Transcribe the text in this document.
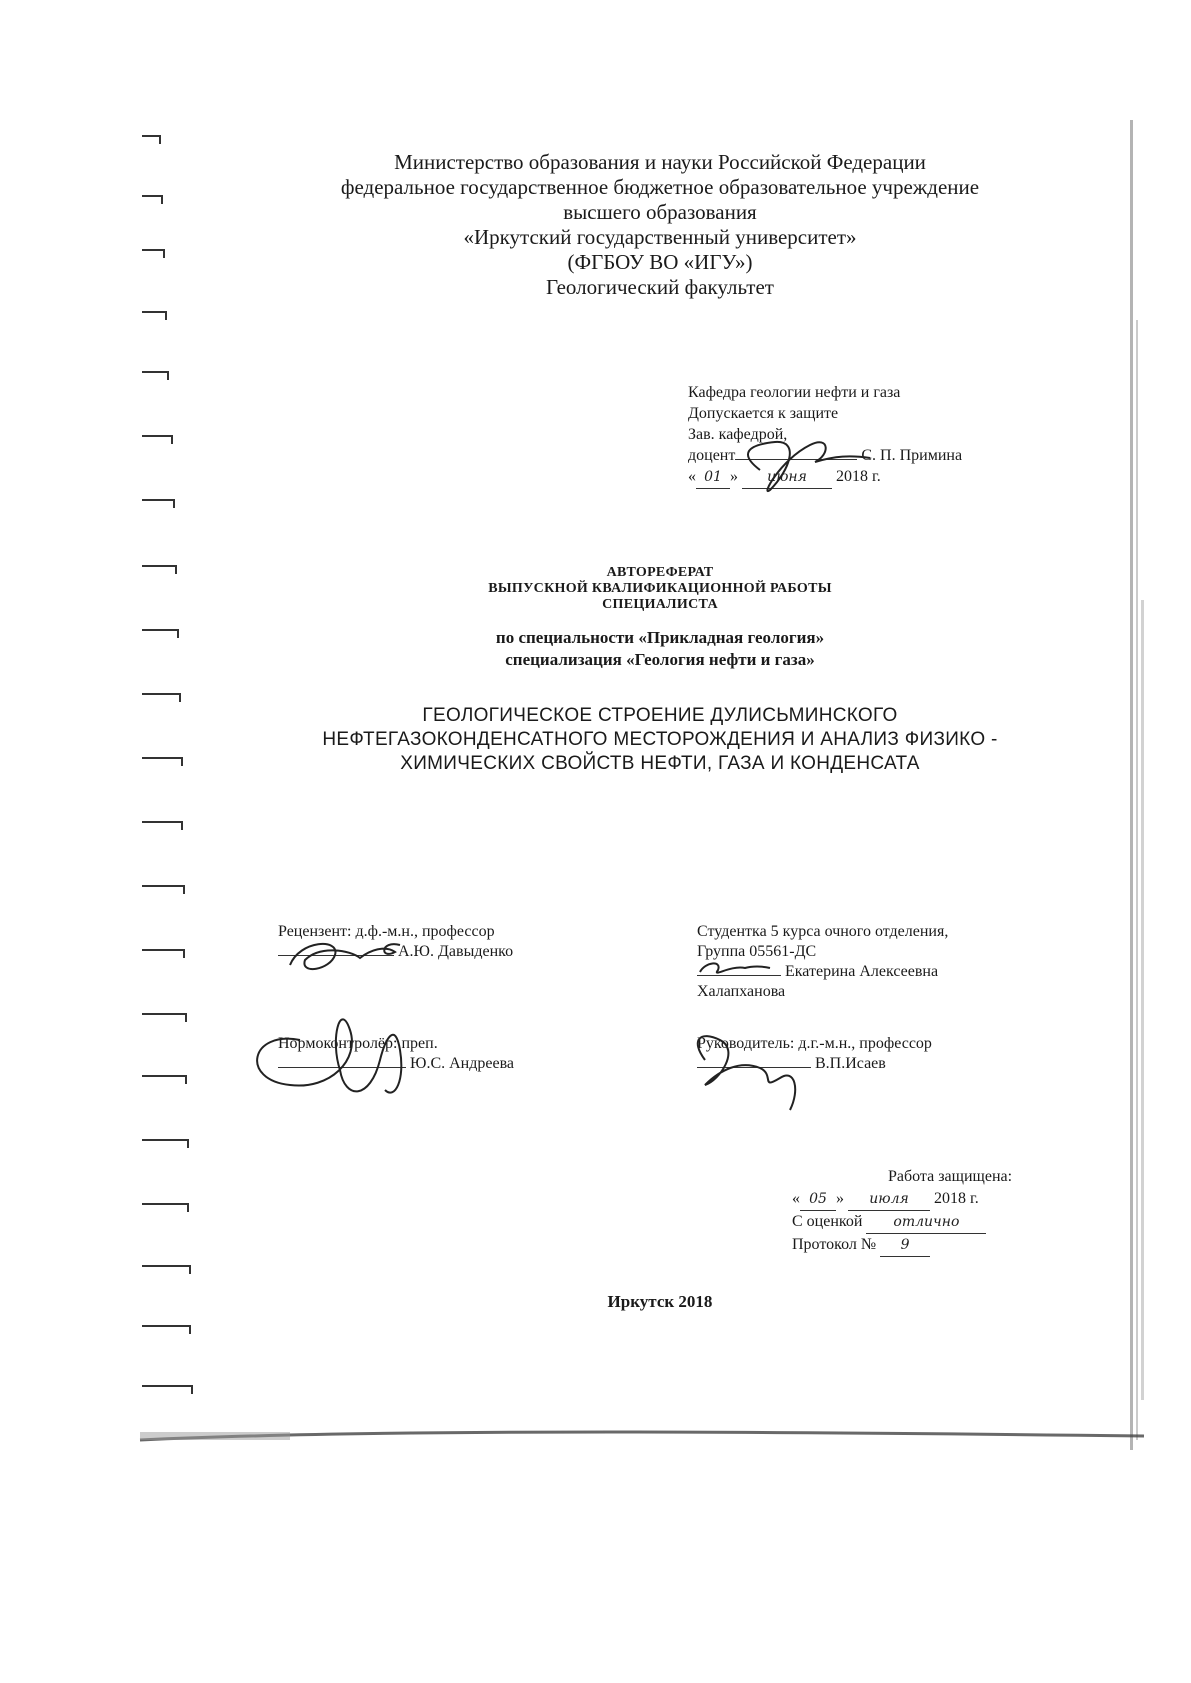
Министерство образования и науки Российской Федерации
федеральное государственное бюджетное образовательное учреждение
высшего образования
«Иркутский государственный университет»
(ФГБОУ ВО «ИГУ»)
Геологический факультет
Кафедра геологии нефти и газа
Допускается к защите
Зав. кафедрой,
доцент	С. П. Примина
« 01 » июня 2018 г.
АВТОРЕФЕРАТ
ВЫПУСКНОЙ КВАЛИФИКАЦИОННОЙ РАБОТЫ
СПЕЦИАЛИСТА
по специальности «Прикладная геология»
специализация «Геология нефти и газа»
ГЕОЛОГИЧЕСКОЕ СТРОЕНИЕ ДУЛИСЬМИНСКОГО
НЕФТЕГАЗОКОНДЕНСАТНОГО МЕСТОРОЖДЕНИЯ И АНАЛИЗ ФИЗИКО -
ХИМИЧЕСКИХ СВОЙСТВ НЕФТИ, ГАЗА И КОНДЕНСАТА
Рецензент: д.ф.-м.н., профессор
А.Ю. Давыденко
Нормоконтролёр: преп.
Ю.С. Андреева
Студентка 5 курса очного отделения,
Группа 05561-ДС
Екатерина Алексеевна
Халапханова
Руководитель: д.г.-м.н., профессор
В.П.Исаев
Работа защищена:
« 05 » июля 2018 г.
С оценкой отлично
Протокол № 9
Иркутск 2018
